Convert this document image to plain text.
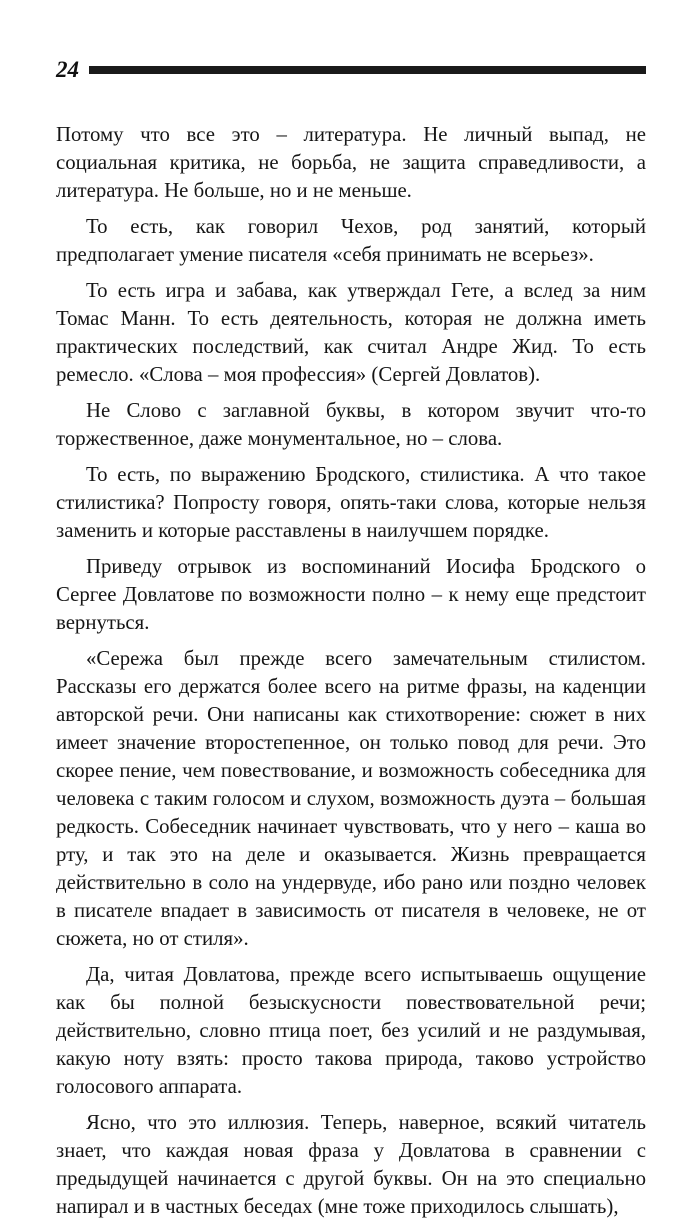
24

Потому что все это – литература. Не личный выпад, не социальная критика, не борьба, не защита справедливости, а литература. Не больше, но и не меньше.

То есть, как говорил Чехов, род занятий, который предполагает умение писателя «себя принимать не всерьез».

То есть игра и забава, как утверждал Гете, а вслед за ним Томас Манн. То есть деятельность, которая не должна иметь практических последствий, как считал Андре Жид. То есть ремесло. «Слова – моя профессия» (Сергей Довлатов).

Не Слово с заглавной буквы, в котором звучит что-то торжественное, даже монументальное, но – слова.

То есть, по выражению Бродского, стилистика. А что такое стилистика? Попросту говоря, опять-таки слова, которые нельзя заменить и которые расставлены в наилучшем порядке.

Приведу отрывок из воспоминаний Иосифа Бродского о Сергее Довлатове по возможности полно – к нему еще предстоит вернуться.

«Сережа был прежде всего замечательным стилистом. Рассказы его держатся более всего на ритме фразы, на каденции авторской речи. Они написаны как стихотворение: сюжет в них имеет значение второстепенное, он только повод для речи. Это скорее пение, чем повествование, и возможность собеседника для человека с таким голосом и слухом, возможность дуэта – большая редкость. Собеседник начинает чувствовать, что у него – каша во рту, и так это на деле и оказывается. Жизнь превращается действительно в соло на ундервуде, ибо рано или поздно человек в писателе впадает в зависимость от писателя в человеке, не от сюжета, но от стиля».

Да, читая Довлатова, прежде всего испытываешь ощущение как бы полной безыскусности повествовательной речи; действительно, словно птица поет, без усилий и не раздумывая, какую ноту взять: просто такова природа, таково устройство голосового аппарата.

Ясно, что это иллюзия. Теперь, наверное, всякий читатель знает, что каждая новая фраза у Довлатова в сравнении с предыдущей начинается с другой буквы. Он на это специально напирал и в частных беседах (мне тоже приходилось слышать),
